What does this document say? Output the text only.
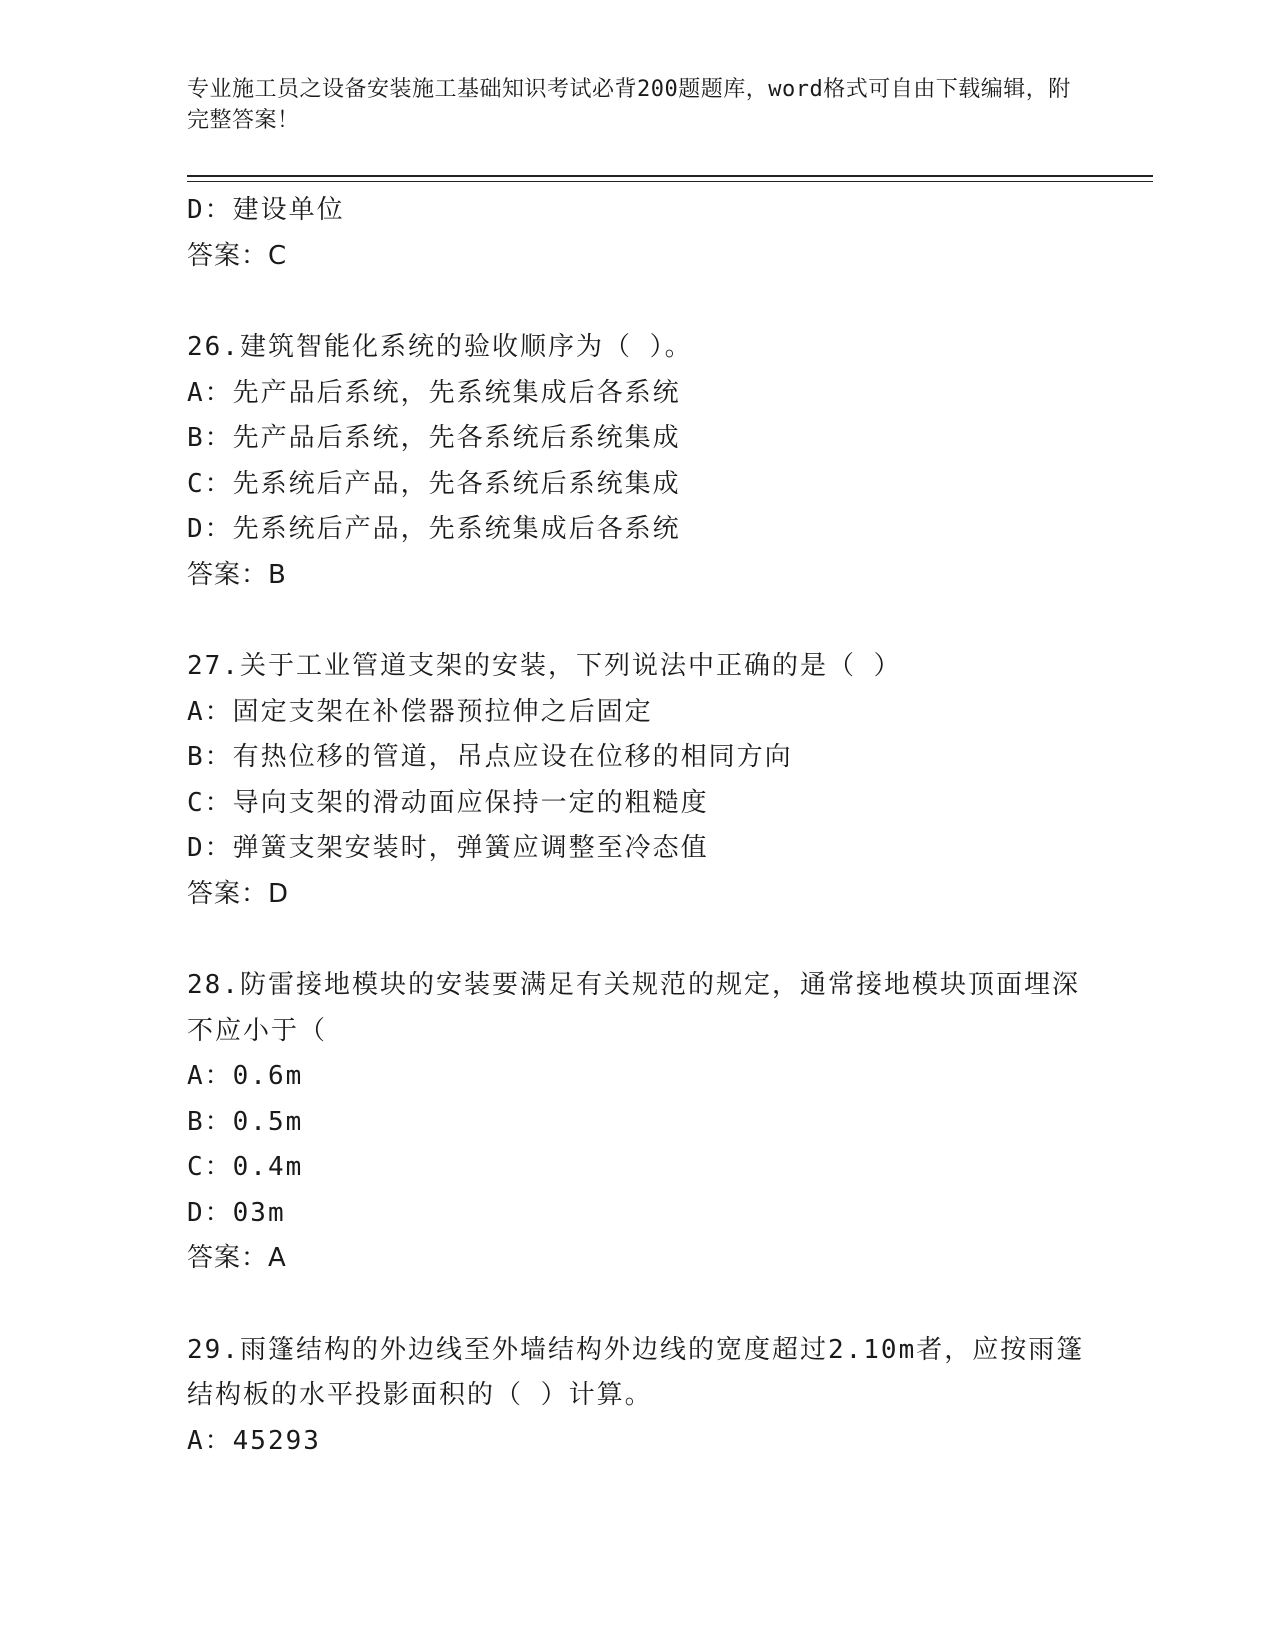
专业施工员之设备安装施工基础知识考试必背200题题库，word格式可自由下载编辑，附完整答案！
D：建设单位
答案：C
26.建筑智能化系统的验收顺序为（ ）。
A：先产品后系统，先系统集成后各系统
B：先产品后系统，先各系统后系统集成
C：先系统后产品，先各系统后系统集成
D：先系统后产品，先系统集成后各系统
答案：B
27.关于工业管道支架的安装，下列说法中正确的是（ ）
A：固定支架在补偿器预拉伸之后固定
B：有热位移的管道，吊点应设在位移的相同方向
C：导向支架的滑动面应保持一定的粗糙度
D：弹簧支架安装时，弹簧应调整至冷态值
答案：D
28.防雷接地模块的安装要满足有关规范的规定，通常接地模块顶面埋深不应小于（
A：0.6m
B：0.5m
C：0.4m
D：03m
答案：A
29.雨篷结构的外边线至外墙结构外边线的宽度超过2.10m者，应按雨篷结构板的水平投影面积的（ ）计算。
A：45293
